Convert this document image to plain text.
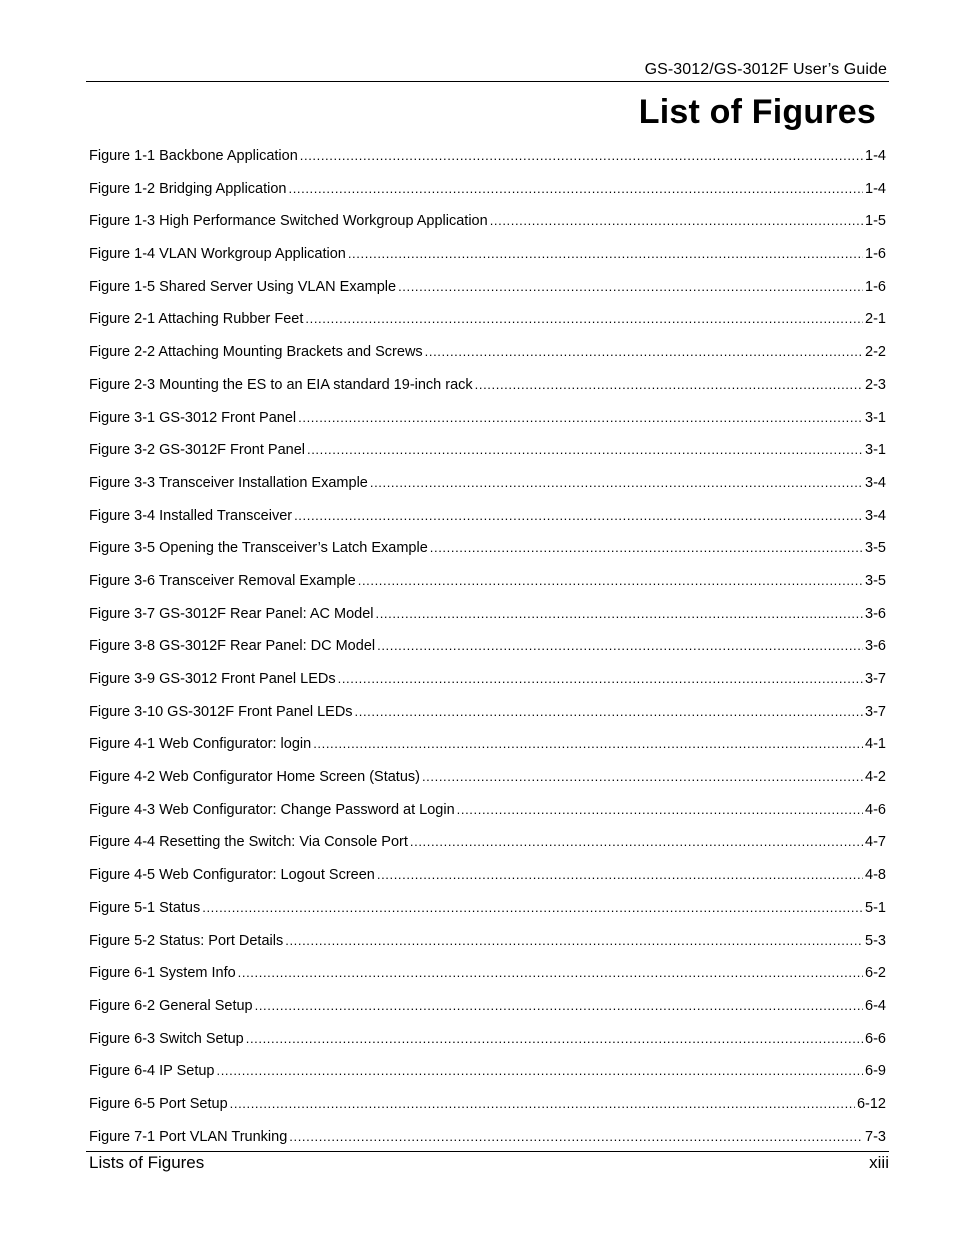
GS-3012/GS-3012F User’s Guide
List of Figures
Figure 1-1 Backbone Application .....	1-4
Figure 1-2 Bridging Application .....	1-4
Figure 1-3 High Performance Switched Workgroup Application .....	1-5
Figure 1-4 VLAN Workgroup Application .....	1-6
Figure 1-5 Shared Server Using VLAN Example .....	1-6
Figure 2-1 Attaching Rubber Feet .....	2-1
Figure 2-2 Attaching Mounting Brackets and Screws .....	2-2
Figure 2-3 Mounting the ES to an EIA standard 19-inch rack .....	2-3
Figure 3-1 GS-3012 Front Panel .....	3-1
Figure 3-2 GS-3012F Front Panel .....	3-1
Figure 3-3 Transceiver Installation Example .....	3-4
Figure 3-4 Installed Transceiver .....	3-4
Figure 3-5 Opening the Transceiver’s Latch Example .....	3-5
Figure 3-6 Transceiver Removal Example .....	3-5
Figure 3-7 GS-3012F Rear Panel: AC Model .....	3-6
Figure 3-8 GS-3012F Rear Panel: DC Model .....	3-6
Figure 3-9 GS-3012 Front Panel LEDs .....	3-7
Figure 3-10 GS-3012F Front Panel LEDs .....	3-7
Figure 4-1 Web Configurator: login .....	4-1
Figure 4-2 Web Configurator Home Screen (Status) .....	4-2
Figure 4-3 Web Configurator: Change Password at Login .....	4-6
Figure 4-4 Resetting the Switch: Via Console Port .....	4-7
Figure 4-5 Web Configurator: Logout Screen .....	4-8
Figure 5-1 Status .....	5-1
Figure 5-2 Status: Port Details .....	5-3
Figure 6-1 System Info .....	6-2
Figure 6-2 General Setup .....	6-4
Figure 6-3 Switch Setup .....	6-6
Figure 6-4 IP Setup .....	6-9
Figure 6-5 Port Setup .....	6-12
Figure 7-1 Port VLAN Trunking .....	7-3
Lists of Figures	xiii
